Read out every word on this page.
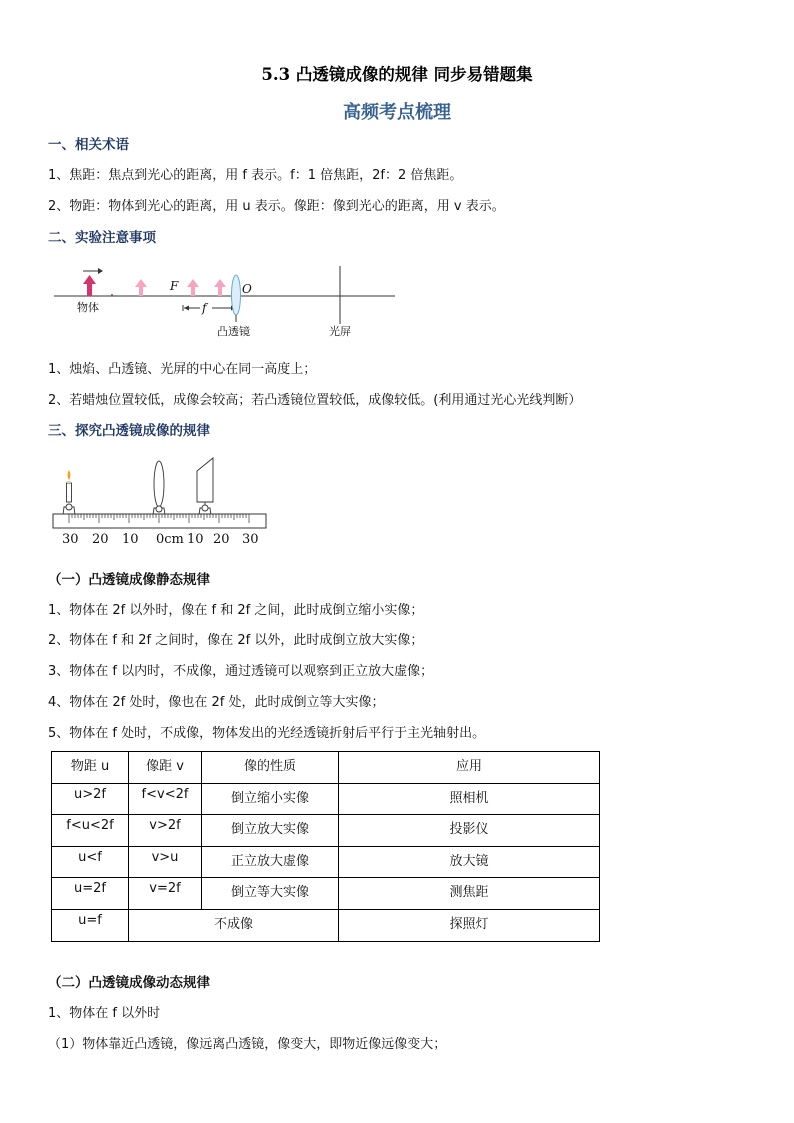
5.3 凸透镜成像的规律 同步易错题集
高频考点梳理
一、相关术语
1、焦距：焦点到光心的距离，用 f 表示。f：1 倍焦距，2f：2 倍焦距。
2、物距：物体到光心的距离，用 u 表示。像距：像到光心的距离，用 v 表示。
二、实验注意事项
F	O
f
物体
凸透镜	光屏
1、烛焰、凸透镜、光屏的中心在同一高度上；
2、若蜡烛位置较低，成像会较高；若凸透镜位置较低，成像较低。(利用通过光心光线判断）
三、探究凸透镜成像的规律
30 20 10 0cm 10 20 30
（一）凸透镜成像静态规律
1、物体在 2f 以外时，像在 f 和 2f 之间，此时成倒立缩小实像；
2、物体在 f 和 2f 之间时，像在 2f 以外，此时成倒立放大实像；
3、物体在 f 以内时，不成像，通过透镜可以观察到正立放大虚像；
4、物体在 2f 处时，像也在 2f 处，此时成倒立等大实像；
5、物体在 f 处时，不成像，物体发出的光经透镜折射后平行于主光轴射出。
物距 u	像距 v	像的性质	应用

u>2f	f<v<2f	倒立缩小实像	照相机

f<u<2f	v>2f	倒立放大实像	投影仪

u<f	v>u	正立放大虚像	放大镜

u=2f	v=2f	倒立等大实像	测焦距

u=f	不成像		探照灯
（二）凸透镜成像动态规律
1、物体在 f 以外时
（1）物体靠近凸透镜，像远离凸透镜，像变大，即物近像远像变大；
